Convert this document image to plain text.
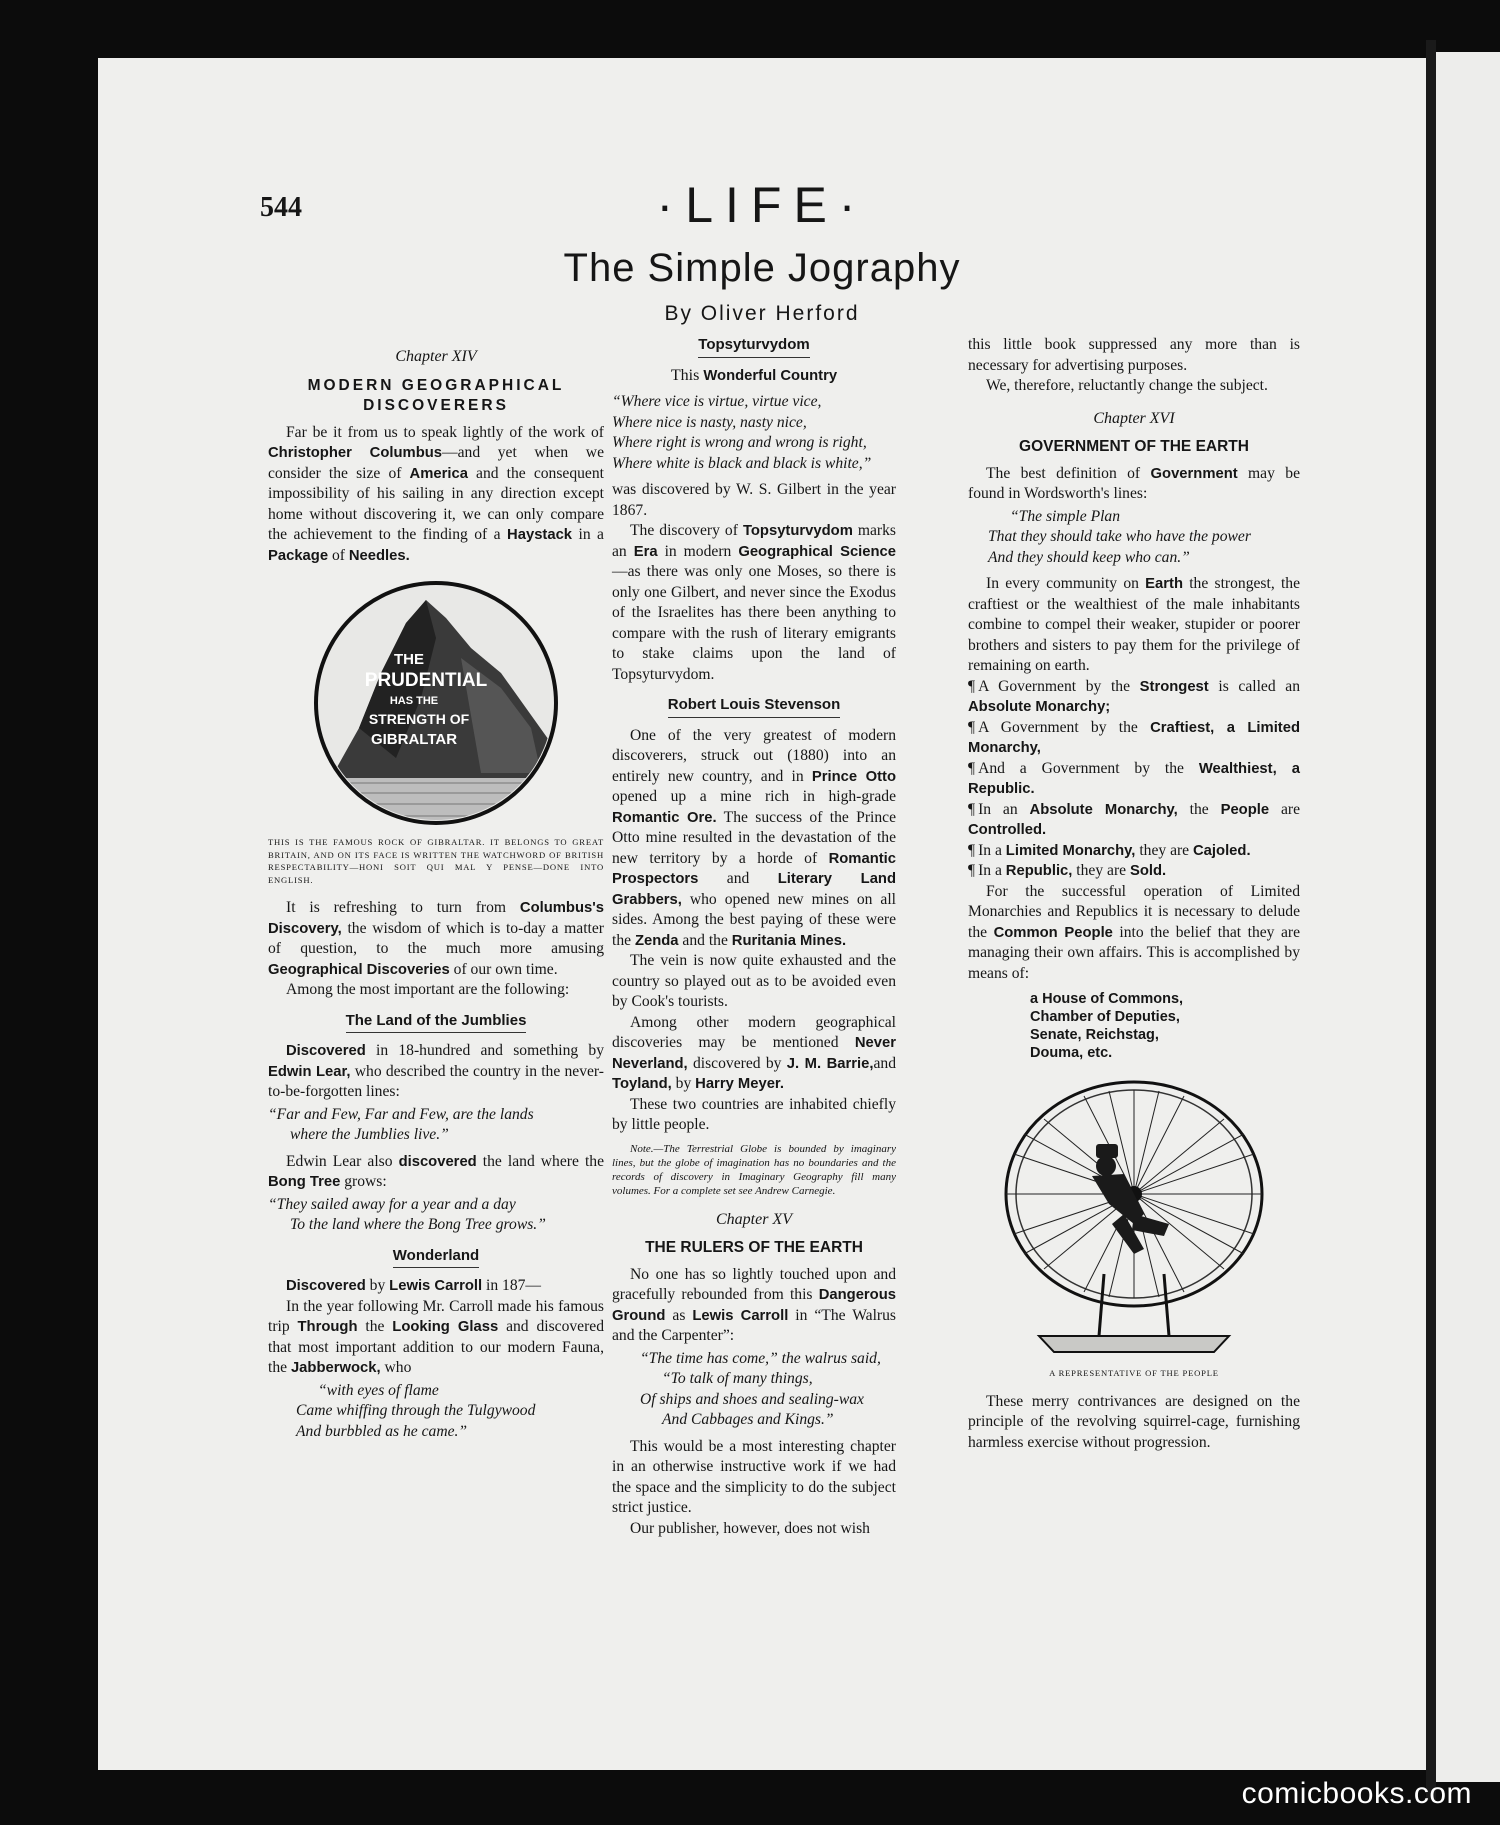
544	·LIFE·
The Simple Jography
By Oliver Herford
Chapter XIV
MODERN GEOGRAPHICAL DISCOVERERS

Far be it from us to speak lightly of the work of Christopher Columbus—and yet when we consider the size of America and the consequent impossibility of his sailing in any direction except home without discovering it, we can only compare the achievement to the finding of a Haystack in a Package of Needles.

THE
PRUDENTIAL
HAS THE
STRENGTH OF
GIBRALTAR
THIS IS THE FAMOUS ROCK OF GIBRALTAR. IT BELONGS TO GREAT BRITAIN, AND ON ITS FACE IS WRITTEN THE WATCHWORD OF BRITISH RESPECTABILITY—HONI SOIT QUI MAL Y PENSE—DONE INTO ENGLISH.

It is refreshing to turn from Columbus's Discovery, the wisdom of which is to-day a matter of question, to the much more amusing Geographical Discoveries of our own time.

Among the most important are the following:

The Land of the Jumblies

Discovered in 18-hundred and something by Edwin Lear, who described the country in the never-to-be-forgotten lines:

“Far and Few, Far and Few, are the lands
where the Jumblies live.”

Edwin Lear also discovered the land where the Bong Tree grows:

“They sailed away for a year and a day
To the land where the Bong Tree grows.”
Wonderland

Discovered by Lewis Carroll in 187—

In the year following Mr. Carroll made his famous trip Through the Looking Glass and discovered that most important addition to our modern Fauna, the Jabberwock, who

“with eyes of flame
Came whiffing through the Tulgywood
And burbbled as he came.”
Topsyturvydom
This Wonderful Country
“Where vice is virtue, virtue vice,
Where nice is nasty, nasty nice,
Where right is wrong and wrong is right,
Where white is black and black is white,”

was discovered by W. S. Gilbert in the year 1867.

The discovery of Topsyturvydom marks an Era in modern Geographical Science —as there was only one Moses, so there is only one Gilbert, and never since the Exodus of the Israelites has there been anything to compare with the rush of literary emigrants to stake claims upon the land of Topsyturvydom.

Robert Louis Stevenson

One of the very greatest of modern discoverers, struck out (1880) into an entirely new country, and in Prince Otto opened up a mine rich in high-grade Romantic Ore. The success of the Prince Otto mine resulted in the devastation of the new territory by a horde of Romantic Prospectors and Literary Land Grabbers, who opened new mines on all sides. Among the best paying of these were the Zenda and the Ruritania Mines.

The vein is now quite exhausted and the country so played out as to be avoided even by Cook's tourists.

Among other modern geographical discoveries may be mentioned Never Neverland, discovered by J. M. Barrie,and Toyland, by Harry Meyer.

These two countries are inhabited chiefly by little people.

Note.—The Terrestrial Globe is bounded by imaginary lines, but the globe of imagination has no boundaries and the records of discovery in Imaginary Geography fill many volumes. For a complete set see Andrew Carnegie.
Chapter XV
THE RULERS OF THE EARTH

No one has so lightly touched upon and gracefully rebounded from this Dangerous Ground as Lewis Carroll in “The Walrus and the Carpenter”:

“The time has come,” the walrus said,
“To talk of many things,
Of ships and shoes and sealing-wax
And Cabbages and Kings.”

This would be a most interesting chapter in an otherwise instructive work if we had the space and the simplicity to do the subject strict justice.

Our publisher, however, does not wish

this little book suppressed any more than is necessary for advertising purposes.

We, therefore, reluctantly change the subject.

Chapter XVI
GOVERNMENT OF THE EARTH

The best definition of Government may be found in Wordsworth's lines:

“The simple Plan
That they should take who have the power
And they should keep who can.”

In every community on Earth the strongest, the craftiest or the wealthiest of the male inhabitants combine to compel their weaker, stupider or poorer brothers and sisters to pay them for the privilege of remaining on earth.

¶ A Government by the Strongest is called an Absolute Monarchy;

¶ A Government by the Craftiest, a Limited Monarchy,

¶ And a Government by the Wealthiest, a Republic.

¶ In an Absolute Monarchy, the People are Controlled.

¶ In a Limited Monarchy, they are Cajoled.

¶ In a Republic, they are Sold.

For the successful operation of Limited Monarchies and Republics it is necessary to delude the Common People into the belief that they are managing their own affairs. This is accomplished by means of:

a House of Commons,
Chamber of Deputies,
Senate, Reichstag,
Douma, etc.
A REPRESENTATIVE OF THE PEOPLE

These merry contrivances are designed on the principle of the revolving squirrel-cage, furnishing harmless exercise without progression.

comicbooks.com
